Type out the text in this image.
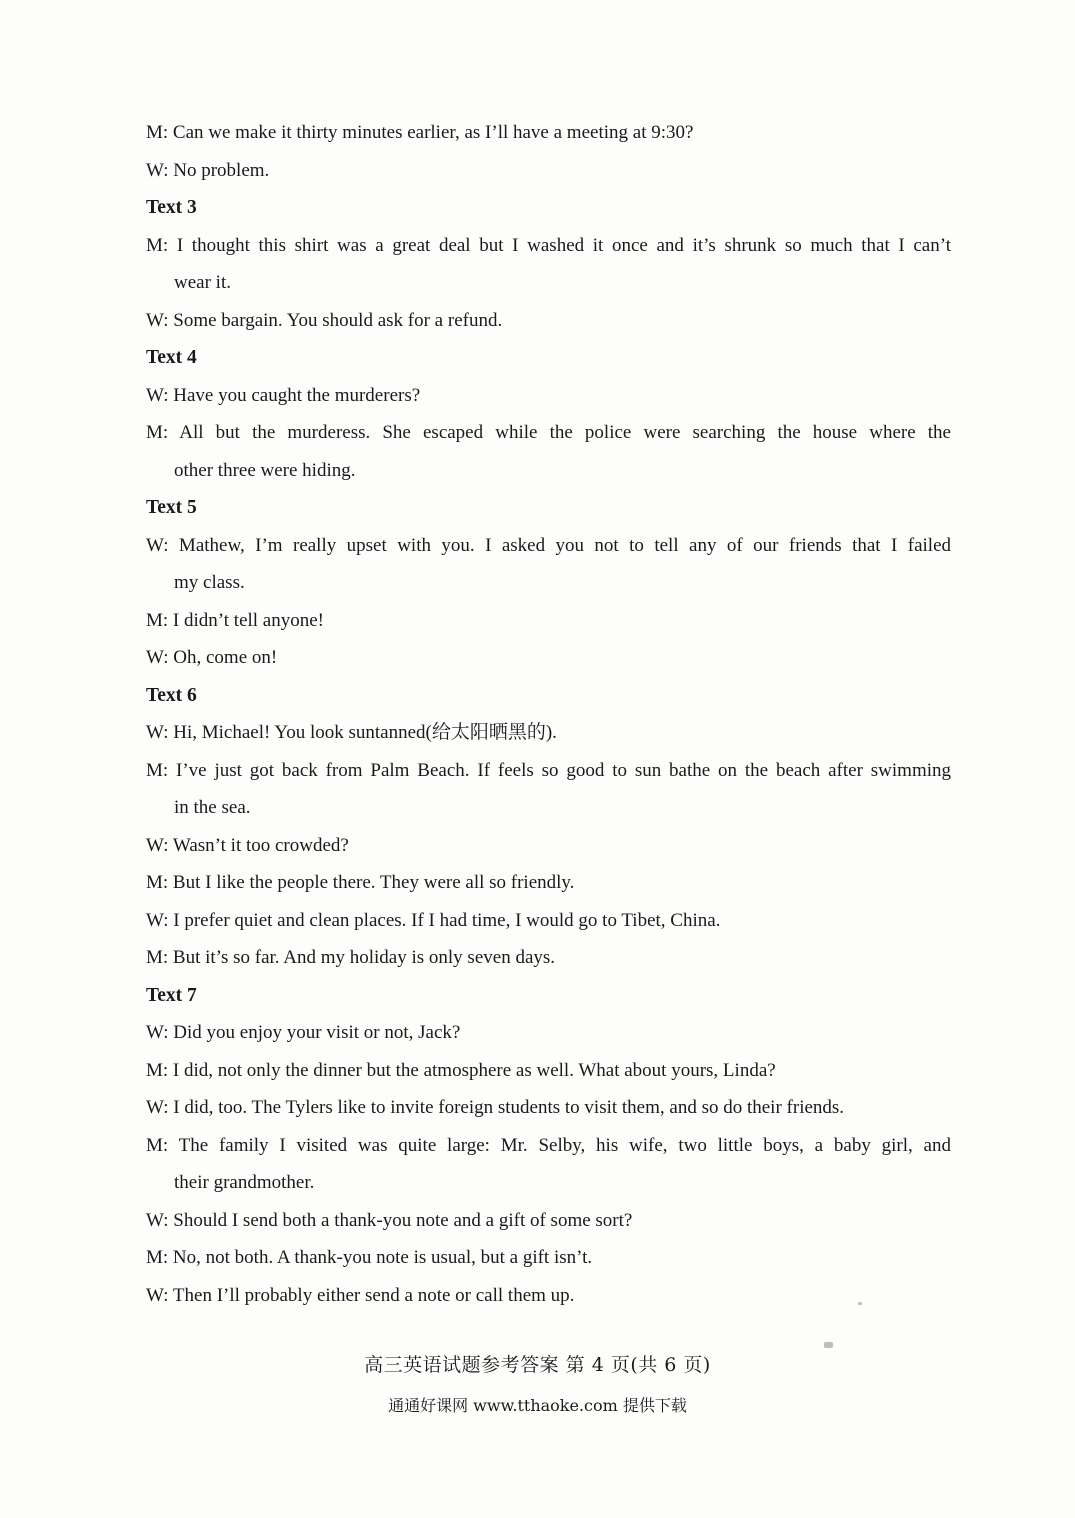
M: Can we make it thirty minutes earlier, as I’ll have a meeting at 9:30?
W: No problem.
Text 3
M: I thought this shirt was a great deal but I washed it once and it’s shrunk so much that I can’t
wear it.
W: Some bargain. You should ask for a refund.
Text 4
W: Have you caught the murderers?
M: All but the murderess. She escaped while the police were searching the house where the
other three were hiding.
Text 5
W: Mathew, I’m really upset with you. I asked you not to tell any of our friends that I failed
my class.
M: I didn’t tell anyone!
W: Oh, come on!
Text 6
W: Hi, Michael! You look suntanned(给太阳晒黑的).
M: I’ve just got back from Palm Beach. If feels so good to sun bathe on the beach after swimming
in the sea.
W: Wasn’t it too crowded?
M: But I like the people there. They were all so friendly.
W: I prefer quiet and clean places. If I had time, I would go to Tibet, China.
M: But it’s so far. And my holiday is only seven days.
Text 7
W: Did you enjoy your visit or not, Jack?
M: I did, not only the dinner but the atmosphere as well. What about yours, Linda?
W: I did, too. The Tylers like to invite foreign students to visit them, and so do their friends.
M: The family I visited was quite large: Mr. Selby, his wife, two little boys, a baby girl, and
their grandmother.
W: Should I send both a thank-you note and a gift of some sort?
M: No, not both. A thank-you note is usual, but a gift isn’t.
W: Then I’ll probably either send a note or call them up.
高三英语试题参考答案 第 4 页(共 6 页)
通通好课网 www.tthaoke.com 提供下载
